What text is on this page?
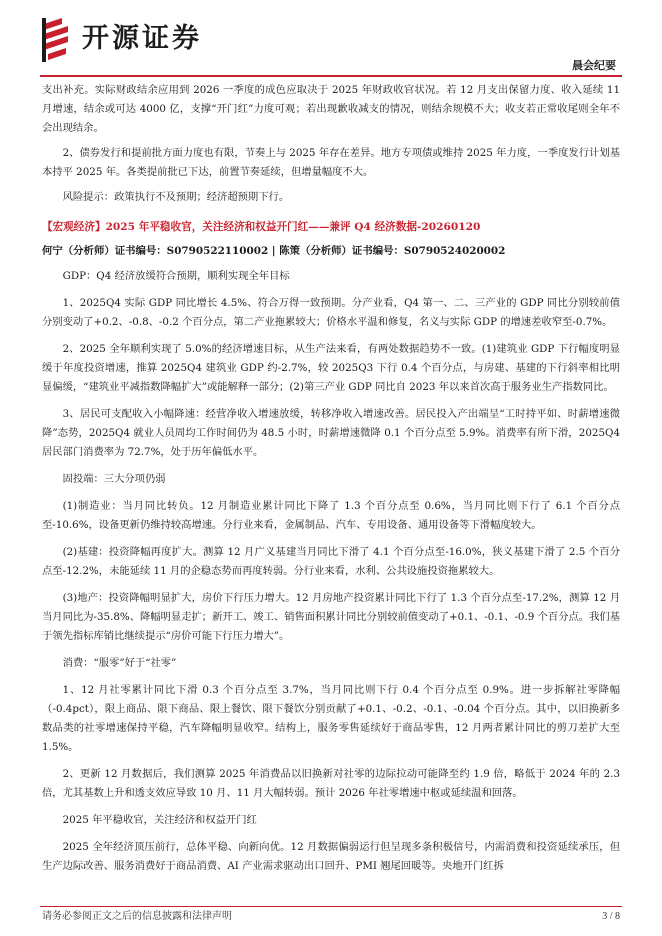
开源证券
晨会纪要

支出补充。实际财政结余应用到 2026 一季度的成色应取决于 2025 年财政收官状况。若 12 月支出保留力度、收入延续 11 月增速，结余或可达 4000 亿，支撑“开门红”力度可观；若出现歉收减支的情况，则结余规模不大；收支若正常收尾则全年不会出现结余。

2、债券发行和提前批方面力度也有限，节奏上与 2025 年存在差异。地方专项债或维持 2025 年力度，一季度发行计划基本持平 2025 年。各类提前批已下达，前置节奏延续，但增量幅度不大。

风险提示：政策执行不及预期；经济超预期下行。

【宏观经济】2025 年平稳收官，关注经济和权益开门红——兼评 Q4 经济数据-20260120
何宁（分析师）证书编号：S0790522110002 | 陈策（分析师）证书编号：S0790524020002

GDP：Q4 经济放缓符合预期，顺利实现全年目标

1、2025Q4 实际 GDP 同比增长 4.5%、符合万得一致预期。分产业看，Q4 第一、二、三产业的 GDP 同比分别较前值分别变动了+0.2、-0.8、-0.2 个百分点，第二产业拖累较大；价格水平温和修复，名义与实际 GDP 的增速差收窄至-0.7%。

2、2025 全年顺利实现了 5.0%的经济增速目标，从生产法来看，有两处数据趋势不一致。(1)建筑业 GDP 下行幅度明显缓于年度投资增速，推算 2025Q4 建筑业 GDP 约-2.7%，较 2025Q3 下行 0.4 个百分点，与房建、基建的下行斜率相比明显偏缓，“建筑业平减指数降幅扩大”或能解释一部分；(2)第三产业 GDP 同比自 2023 年以来首次高于服务业生产指数同比。

3、居民可支配收入小幅降速：经营净收入增速放缓，转移净收入增速改善。居民投入产出端呈“工时持平如、时薪增速微降”态势，2025Q4 就业人员周均工作时间仍为 48.5 小时，时薪增速微降 0.1 个百分点至 5.9%。消费率有所下滑，2025Q4 居民部门消费率为 72.7%，处于历年偏低水平。

固投端：三大分项仍弱

(1)制造业：当月同比转负。12 月制造业累计同比下降了 1.3 个百分点至 0.6%，当月同比则下行了 6.1 个百分点至-10.6%，设备更新仍维持较高增速。分行业来看，金属制品、汽车、专用设备、通用设备等下滑幅度较大。

(2)基建：投资降幅再度扩大。测算 12 月广义基建当月同比下滑了 4.1 个百分点至-16.0%，狭义基建下滑了 2.5 个百分点至-12.2%，未能延续 11 月的企稳态势而再度转弱。分行业来看，水利、公共设施投资拖累较大。

(3)地产：投资降幅明显扩大，房价下行压力增大。12 月房地产投资累计同比下行了 1.3 个百分点至-17.2%，测算 12 月当月同比为-35.8%、降幅明显走扩；新开工、竣工、销售面积累计同比分别较前值变动了+0.1、-0.1、-0.9 个百分点。我们基于领先指标库销比继续提示“房价可能下行压力增大”。

消费：“服零”好于“社零”

1、12 月社零累计同比下滑 0.3 个百分点至 3.7%，当月同比则下行 0.4 个百分点至 0.9%。进一步拆解社零降幅（-0.4pct），限上商品、限下商品、限上餐饮、限下餐饮分别贡献了+0.1、-0.2、-0.1、-0.04 个百分点。其中，以旧换新多数品类的社零增速保持平稳，汽车降幅明显收窄。结构上，服务零售延续好于商品零售，12 月两者累计同比的剪刀差扩大至 1.5%。

2、更新 12 月数据后，我们测算 2025 年消费品以旧换新对社零的边际拉动可能降至约 1.9 倍，略低于 2024 年的 2.3 倍，尤其基数上升和透支效应导致 10 月、11 月大幅转弱。预计 2026 年社零增速中枢或延续温和回落。

2025 年平稳收官，关注经济和权益开门红

2025 全年经济顶压前行，总体平稳、向新向优。12 月数据偏弱运行但呈现多条积极信号，内需消费和投资延续承压，但生产边际改善、服务消费好于商品消费、AI 产业需求驱动出口回升、PMI 翘尾回暖等。央地开门红拆

请务必参阅正文之后的信息披露和法律声明	3 / 8
